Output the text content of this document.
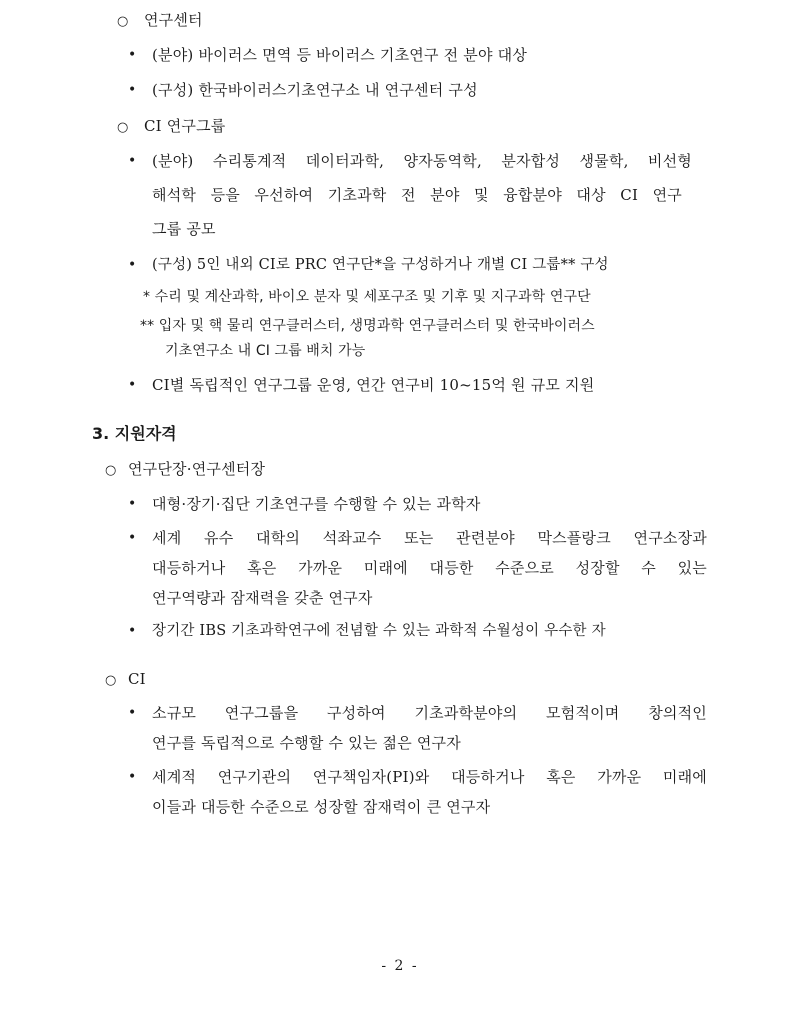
○ 연구센터
• (분야) 바이러스 면역 등 바이러스 기초연구 전 분야 대상
• (구성) 한국바이러스기초연구소 내 연구센터 구성
○ CI 연구그룹
• (분야) 수리통계적 데이터과학, 양자동역학, 분자합성 생물학, 비선형
해석학 등을 우선하여 기초과학 전 분야 및 융합분야 대상 CI 연구
그룹 공모
• (구성) 5인 내외 CI로 PRC 연구단*을 구성하거나 개별 CI 그룹** 구성
* 수리 및 계산과학, 바이오 분자 및 세포구조 및 기후 및 지구과학 연구단
** 입자 및 핵 물리 연구클러스터, 생명과학 연구클러스터 및 한국바이러스
기초연구소 내 CI 그룹 배치 가능
• CI별 독립적인 연구그룹 운영, 연간 연구비 10~15억 원 규모 지원
3. 지원자격
○ 연구단장·연구센터장
• 대형·장기·집단 기초연구를 수행할 수 있는 과학자
• 세계 유수 대학의 석좌교수 또는 관련분야 막스플랑크 연구소장과
대등하거나 혹은 가까운 미래에 대등한 수준으로 성장할 수 있는
연구역량과 잠재력을 갖춘 연구자
• 장기간 IBS 기초과학연구에 전념할 수 있는 과학적 수월성이 우수한 자
○ CI
• 소규모 연구그룹을 구성하여 기초과학분야의 모험적이며 창의적인
연구를 독립적으로 수행할 수 있는 젊은 연구자
• 세계적 연구기관의 연구책임자(PI)와 대등하거나 혹은 가까운 미래에
이들과 대등한 수준으로 성장할 잠재력이 큰 연구자
- 2 -
